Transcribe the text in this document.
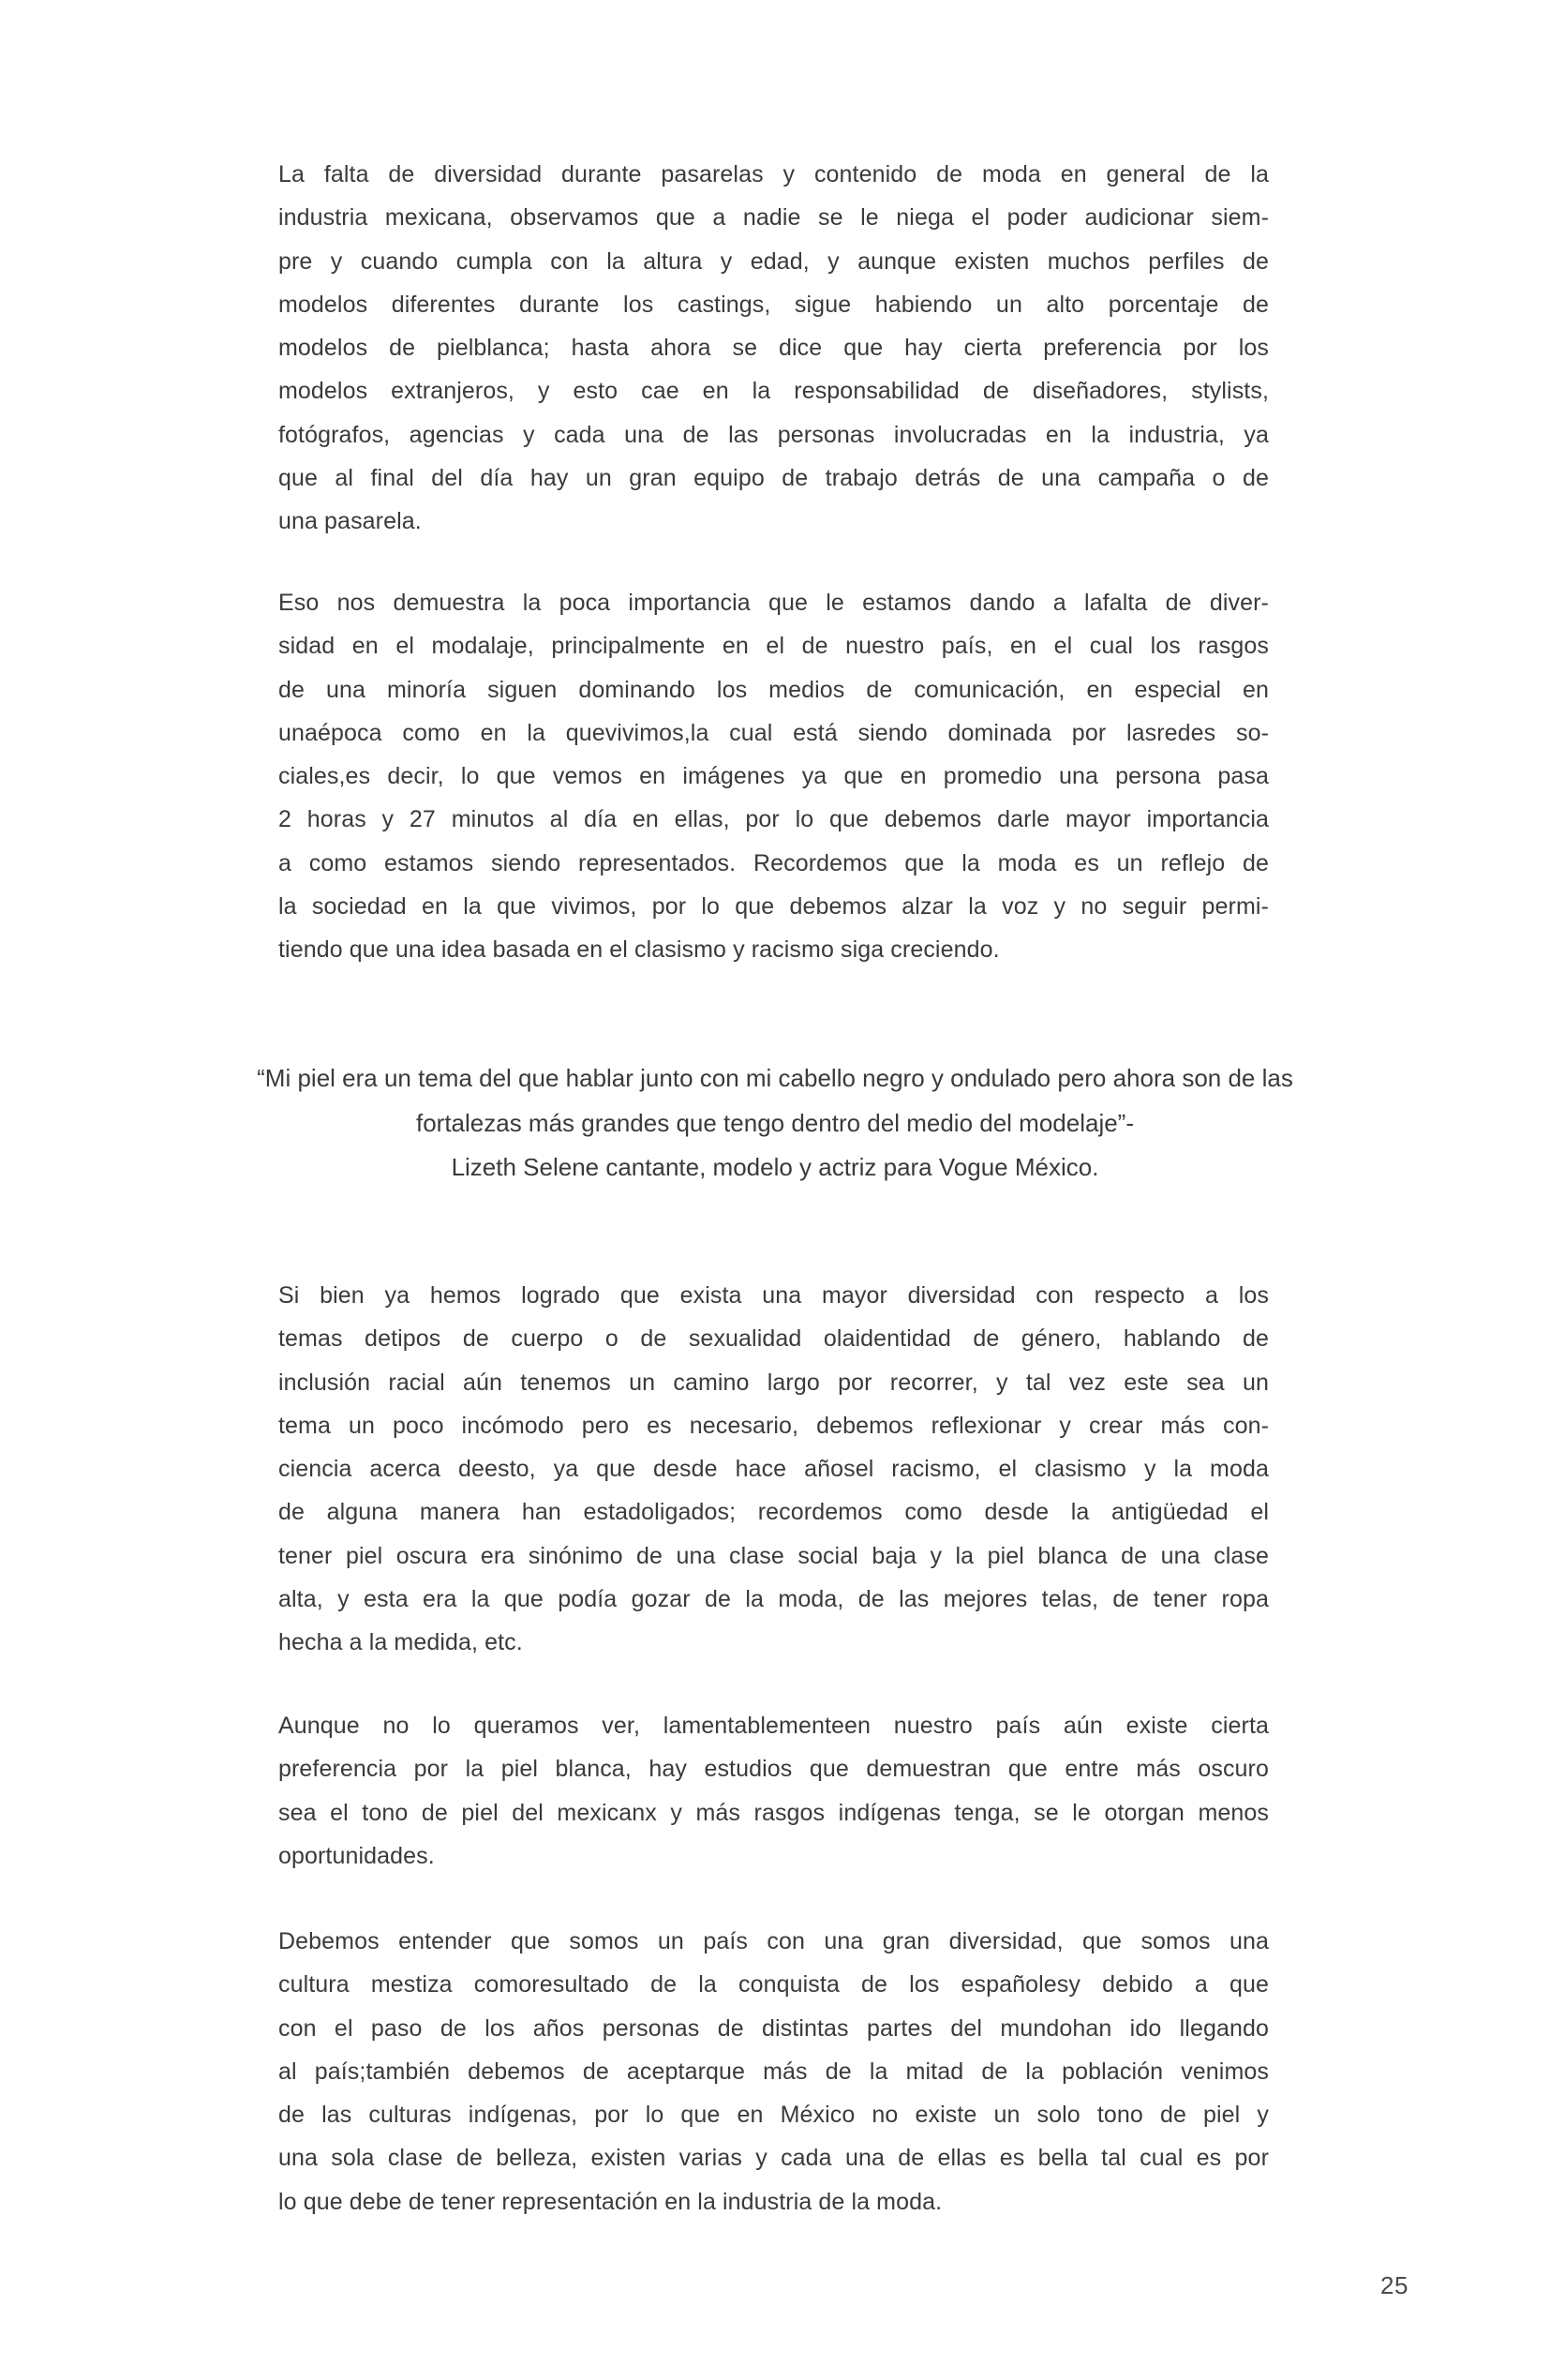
La falta de diversidad durante pasarelas y contenido de moda en general de la
industria mexicana, observamos que a nadie se le niega el poder audicionar siem-
pre y cuando cumpla con la altura y edad, y aunque existen muchos perfiles de
modelos diferentes durante los castings, sigue habiendo un alto porcentaje de
modelos de pielblanca; hasta ahora se dice que hay cierta preferencia por los
modelos extranjeros, y esto cae en la responsabilidad de diseñadores, stylists,
fotógrafos, agencias y cada una de las personas involucradas en la industria, ya
que al final del día hay un gran equipo de trabajo detrás de una campaña o de
una pasarela.
Eso nos demuestra la poca importancia que le estamos dando a lafalta de diver-
sidad en el modalaje, principalmente en el de nuestro país, en el cual los rasgos
de una minoría siguen dominando los medios de comunicación, en especial en
unaépoca como en la quevivimos,la cual está siendo dominada por lasredes so-
ciales,es decir, lo que vemos en imágenes ya que en promedio una persona pasa
2 horas y 27 minutos al día en ellas, por lo que debemos darle mayor importancia
a como estamos siendo representados. Recordemos que la moda es un reflejo de
la sociedad en la que vivimos, por lo que debemos alzar la voz y no seguir permi-
tiendo que una idea basada en el clasismo y racismo siga creciendo.
“Mi piel era un tema del que hablar junto con mi cabello negro y ondulado pero ahora son de las
fortalezas más grandes que tengo dentro del medio del modelaje”-
Lizeth Selene cantante, modelo y actriz para Vogue México.
Si bien ya hemos logrado que exista una mayor diversidad con respecto a los
temas detipos de cuerpo o de sexualidad olaidentidad de género, hablando de
inclusión racial aún tenemos un camino largo por recorrer, y tal vez este sea un
tema un poco incómodo pero es necesario, debemos reflexionar y crear más con-
ciencia acerca deesto, ya que desde hace añosel racismo, el clasismo y la moda
de alguna manera han estadoligados; recordemos como desde la antigüedad el
tener piel oscura era sinónimo de una clase social baja y la piel blanca de una clase
alta, y esta era la que podía gozar de la moda, de las mejores telas, de tener ropa
hecha a la medida, etc.
Aunque no lo queramos ver, lamentablementeen nuestro país aún existe cierta
preferencia por la piel blanca, hay estudios que demuestran que entre más oscuro
sea el tono de piel del mexicanx y más rasgos indígenas tenga, se le otorgan menos
oportunidades.
Debemos entender que somos un país con una gran diversidad, que somos una
cultura mestiza comoresultado de la conquista de los españolesy debido a que
con el paso de los años personas de distintas partes del mundohan ido llegando
al país;también debemos de aceptarque más de la mitad de la población venimos
de las culturas indígenas, por lo que en México no existe un solo tono de piel y
una sola clase de belleza, existen varias y cada una de ellas es bella tal cual es por
lo que debe de tener representación en la industria de la moda.
25
